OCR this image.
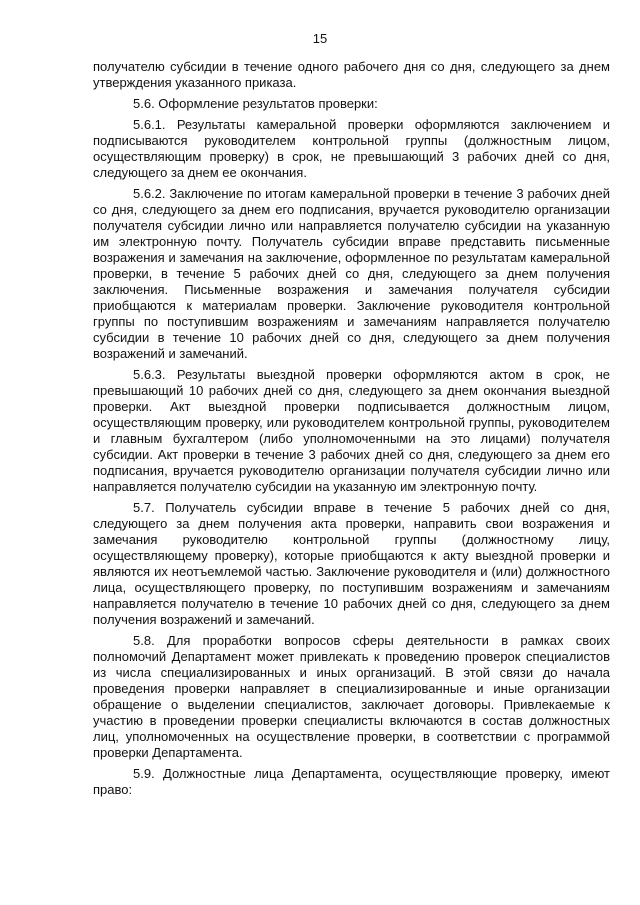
15

получателю субсидии в течение одного рабочего дня со дня, следующего за днем утверждения указанного приказа.

5.6. Оформление результатов проверки:

5.6.1. Результаты камеральной проверки оформляются заключением и подписываются руководителем контрольной группы (должностным лицом, осуществляющим проверку) в срок, не превышающий 3 рабочих дней со дня, следующего за днем ее окончания.

5.6.2. Заключение по итогам камеральной проверки в течение 3 рабочих дней со дня, следующего за днем его подписания, вручается руководителю организации получателя субсидии лично или направляется получателю субсидии на указанную им электронную почту. Получатель субсидии вправе представить письменные возражения и замечания на заключение, оформленное по результатам камеральной проверки, в течение 5 рабочих дней со дня, следующего за днем получения заключения. Письменные возражения и замечания получателя субсидии приобщаются к материалам проверки. Заключение руководителя контрольной группы по поступившим возражениям и замечаниям направляется получателю субсидии в течение 10 рабочих дней со дня, следующего за днем получения возражений и замечаний.

5.6.3. Результаты выездной проверки оформляются актом в срок, не превышающий 10 рабочих дней со дня, следующего за днем окончания выездной проверки. Акт выездной проверки подписывается должностным лицом, осуществляющим проверку, или руководителем контрольной группы, руководителем и главным бухгалтером (либо уполномоченными на это лицами) получателя субсидии. Акт проверки в течение 3 рабочих дней со дня, следующего за днем его подписания, вручается руководителю организации получателя субсидии лично или направляется получателю субсидии на указанную им электронную почту.

5.7. Получатель субсидии вправе в течение 5 рабочих дней со дня, следующего за днем получения акта проверки, направить свои возражения и замечания руководителю контрольной группы (должностному лицу, осуществляющему проверку), которые приобщаются к акту выездной проверки и являются их неотъемлемой частью. Заключение руководителя и (или) должностного лица, осуществляющего проверку, по поступившим возражениям и замечаниям направляется получателю в течение 10 рабочих дней со дня, следующего за днем получения возражений и замечаний.

5.8. Для проработки вопросов сферы деятельности в рамках своих полномочий Департамент может привлекать к проведению проверок специалистов из числа специализированных и иных организаций. В этой связи до начала проведения проверки направляет в специализированные и иные организации обращение о выделении специалистов, заключает договоры. Привлекаемые к участию в проведении проверки специалисты включаются в состав должностных лиц, уполномоченных на осуществление проверки, в соответствии с программой проверки Департамента.

5.9. Должностные лица Департамента, осуществляющие проверку, имеют право:
